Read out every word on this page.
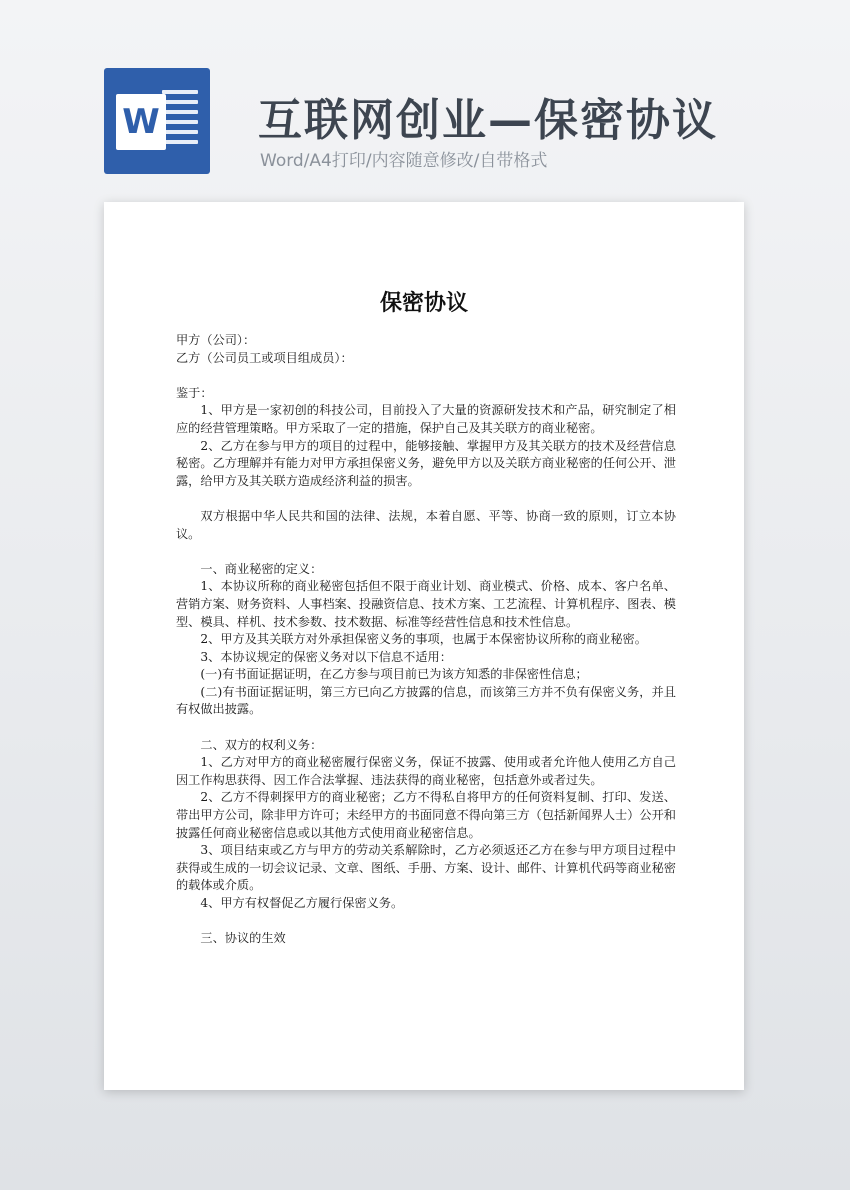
W 互联网创业—保密协议
Word/A4打印/内容随意修改/自带格式
保密协议

甲方（公司）：

乙方（公司员工或项目组成员）：

鉴于：

1、甲方是一家初创的科技公司，目前投入了大量的资源研发技术和产品，研究制定了相应的经营管理策略。甲方采取了一定的措施，保护自己及其关联方的商业秘密。

2、乙方在参与甲方的项目的过程中，能够接触、掌握甲方及其关联方的技术及经营信息秘密。乙方理解并有能力对甲方承担保密义务，避免甲方以及关联方商业秘密的任何公开、泄露，给甲方及其关联方造成经济利益的损害。

双方根据中华人民共和国的法律、法规，本着自愿、平等、协商一致的原则，订立本协议。

一、商业秘密的定义：

1、本协议所称的商业秘密包括但不限于商业计划、商业模式、价格、成本、客户名单、营销方案、财务资料、人事档案、投融资信息、技术方案、工艺流程、计算机程序、图表、模型、模具、样机、技术参数、技术数据、标准等经营性信息和技术性信息。

2、甲方及其关联方对外承担保密义务的事项，也属于本保密协议所称的商业秘密。

3、本协议规定的保密义务对以下信息不适用：

(一)有书面证据证明，在乙方参与项目前已为该方知悉的非保密性信息；

(二)有书面证据证明，第三方已向乙方披露的信息，而该第三方并不负有保密义务，并且有权做出披露。

二、双方的权利义务：

1、乙方对甲方的商业秘密履行保密义务，保证不披露、使用或者允许他人使用乙方自己因工作构思获得、因工作合法掌握、违法获得的商业秘密，包括意外或者过失。

2、乙方不得刺探甲方的商业秘密；乙方不得私自将甲方的任何资料复制、打印、发送、带出甲方公司，除非甲方许可；未经甲方的书面同意不得向第三方（包括新闻界人士）公开和披露任何商业秘密信息或以其他方式使用商业秘密信息。

3、项目结束或乙方与甲方的劳动关系解除时，乙方必须返还乙方在参与甲方项目过程中获得或生成的一切会议记录、文章、图纸、手册、方案、设计、邮件、计算机代码等商业秘密的载体或介质。

4、甲方有权督促乙方履行保密义务。

三、协议的生效
